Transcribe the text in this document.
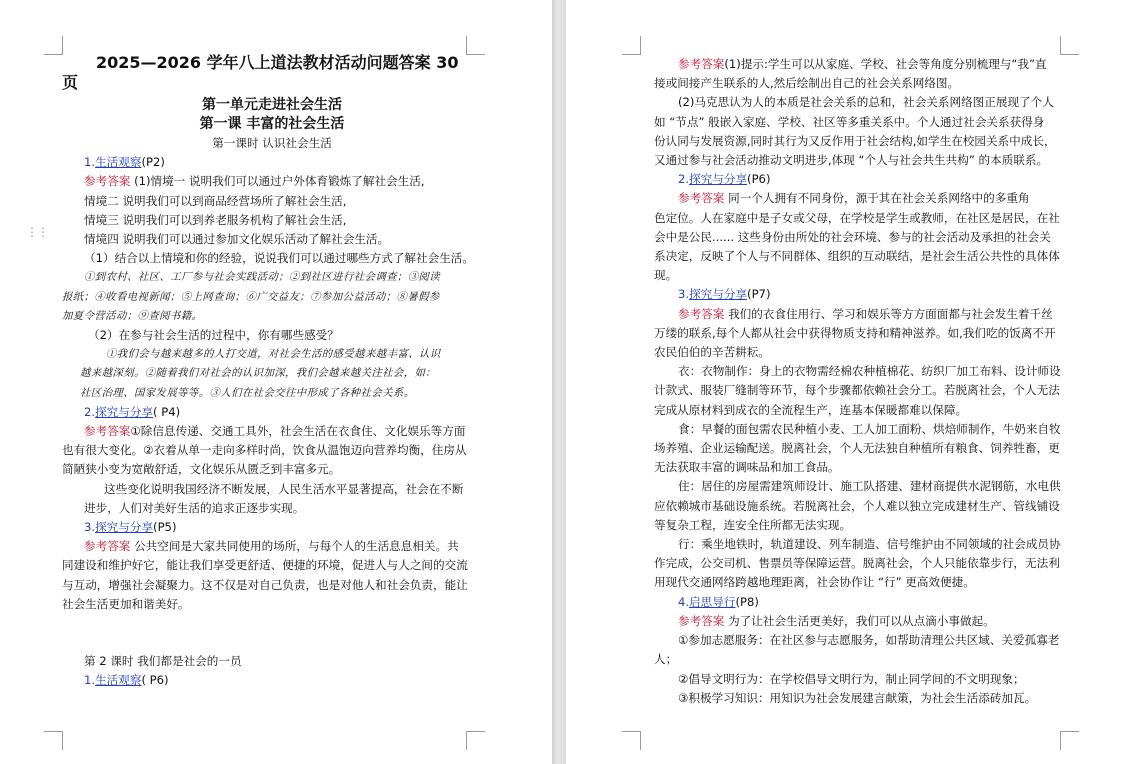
⋮⋮
2025—2026 学年八上道法教材活动问题答案 30
页
第一单元走进社会生活
第一课 丰富的社会生活
第一课时 认识社会生活
1.生活观察(P2)
参考答案 (1)情境一 说明我们可以通过户外体育锻炼了解社会生活,
情境二 说明我们可以到商品经营场所了解社会生活,
情境三 说明我们可以到养老服务机构了解社会生活,
情境四 说明我们可以通过参加文化娱乐活动了解社会生活。
（1）结合以上情境和你的经验，说说我们可以通过哪些方式了解社会生活。
①到农村、社区、工厂参与社会实践活动；②到社区进行社会调查；③阅读
报纸；④收看电视新闻；⑤上网查询；⑥广交益友；⑦参加公益活动；⑧暑假参
加夏令营活动；⑨查阅书籍。
（2）在参与社会生活的过程中，你有哪些感受？
①我们会与越来越多的人打交道，对社会生活的感受越来越丰富、认识
越来越深刻。②随着我们对社会的认识加深，我们会越来越关注社会，如：
社区治理、国家发展等等。③人们在社会交往中形成了各种社会关系。
2.探究与分享( P4)
参考答案①除信息传递、交通工具外，社会生活在衣食住、文化娱乐等方面
也有很大变化。②衣着从单一走向多样时尚，饮食从温饱迈向营养均衡，住房从
简陋狭小变为宽敞舒适，文化娱乐从匮乏到丰富多元。
这些变化说明我国经济不断发展，人民生活水平显著提高，社会在不断
进步，人们对美好生活的追求正逐步实现。
3.探究与分享(P5)
参考答案 公共空间是大家共同使用的场所，与每个人的生活息息相关。共
同建设和维护好它，能让我们享受更舒适、便捷的环境，促进人与人之间的交流
与互动，增强社会凝聚力。这不仅是对自己负责，也是对他人和社会负责，能让
社会生活更加和谐美好。
第 2 课时 我们都是社会的一员
1.生活观察( P6)
参考答案(1)提示:学生可以从家庭、学校、社会等角度分别梳理与“我”直
接或间接产生联系的人,然后绘制出自己的社会关系网络图。
(2)马克思认为人的本质是社会关系的总和，社会关系网络图正展现了个人
如 “节点” 般嵌入家庭、学校、社区等多重关系中。个人通过社会关系获得身
份认同与发展资源,同时其行为又反作用于社会结构,如学生在校园关系中成长，
又通过参与社会活动推动文明进步,体现 “个人与社会共生共构” 的本质联系。
2.探究与分享(P6)
参考答案 同一个人拥有不同身份，源于其在社会关系网络中的多重角
色定位。人在家庭中是子女或父母，在学校是学生或教师，在社区是居民，在社
会中是公民...... 这些身份由所处的社会环境、参与的社会活动及承担的社会关
系决定，反映了个人与不同群体、组织的互动联结，是社会生活公共性的具体体
现。
3.探究与分享(P7)
参考答案 我们的衣食住用行、学习和娱乐等方方面面都与社会发生着千丝
万缕的联系,每个人都从社会中获得物质支持和精神滋养。如,我们吃的饭离不开
农民伯伯的辛苦耕耘。
衣：衣物制作：身上的衣物需经棉农种植棉花、纺织厂加工布料、设计师设
计款式、服装厂缝制等环节，每个步骤都依赖社会分工。若脱离社会，个人无法
完成从原材料到成衣的全流程生产，连基本保暖都难以保障。
食：早餐的面包需农民种植小麦、工人加工面粉、烘焙师制作，牛奶来自牧
场养殖、企业运输配送。脱离社会，个人无法独自种植所有粮食、饲养牲畜，更
无法获取丰富的调味品和加工食品。
住：居住的房屋需建筑师设计、施工队搭建、建材商提供水泥钢筋，水电供
应依赖城市基础设施系统。若脱离社会，个人难以独立完成建材生产、管线铺设
等复杂工程，连安全住所都无法实现。
行：乘坐地铁时，轨道建设、列车制造、信号维护由不同领域的社会成员协
作完成，公交司机、售票员等保障运营。脱离社会，个人只能依靠步行，无法利
用现代交通网络跨越地理距离，社会协作让 “行” 更高效便捷。
4.启思导行(P8)
参考答案 为了让社会生活更美好，我们可以从点滴小事做起。
①参加志愿服务：在社区参与志愿服务，如帮助清理公共区域、关爱孤寡老
人；
②倡导文明行为：在学校倡导文明行为，制止同学间的不文明现象；
③积极学习知识：用知识为社会发展建言献策，为社会生活添砖加瓦。
